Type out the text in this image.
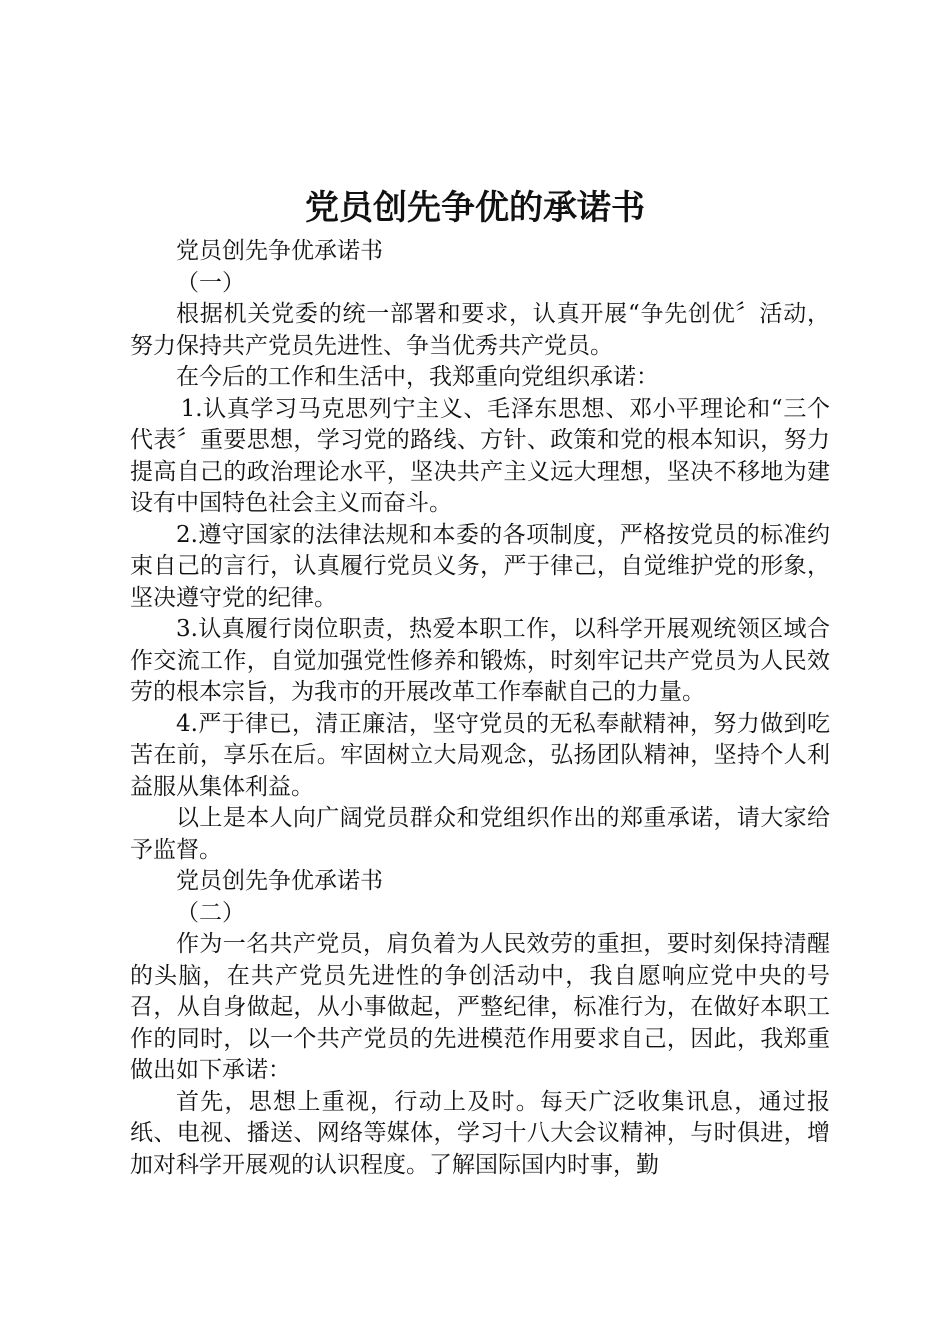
党员创先争优的承诺书

党员创先争优承诺书

（一）

根据机关党委的统一部署和要求，认真开展“争先创优〞活动，努力保持共产党员先进性、争当优秀共产党员。

在今后的工作和生活中，我郑重向党组织承诺：

1.认真学习马克思列宁主义、毛泽东思想、邓小平理论和“三个代表〞重要思想，学习党的路线、方针、政策和党的根本知识，努力提高自己的政治理论水平，坚决共产主义远大理想，坚决不移地为建设有中国特色社会主义而奋斗。

2.遵守国家的法律法规和本委的各项制度，严格按党员的标准约束自己的言行，认真履行党员义务，严于律己，自觉维护党的形象，坚决遵守党的纪律。

3.认真履行岗位职责，热爱本职工作，以科学开展观统领区域合作交流工作，自觉加强党性修养和锻炼，时刻牢记共产党员为人民效劳的根本宗旨，为我市的开展改革工作奉献自己的力量。

4.严于律已，清正廉洁，坚守党员的无私奉献精神，努力做到吃苦在前，享乐在后。牢固树立大局观念，弘扬团队精神，坚持个人利益服从集体利益。

以上是本人向广阔党员群众和党组织作出的郑重承诺，请大家给予监督。

党员创先争优承诺书

（二）

作为一名共产党员，肩负着为人民效劳的重担，要时刻保持清醒的头脑，在共产党员先进性的争创活动中，我自愿响应党中央的号召，从自身做起，从小事做起，严整纪律，标准行为，在做好本职工作的同时，以一个共产党员的先进模范作用要求自己，因此，我郑重做出如下承诺：

首先，思想上重视，行动上及时。每天广泛收集讯息，通过报纸、电视、播送、网络等媒体，学习十八大会议精神，与时俱进，增加对科学开展观的认识程度。了解国际国内时事，勤
